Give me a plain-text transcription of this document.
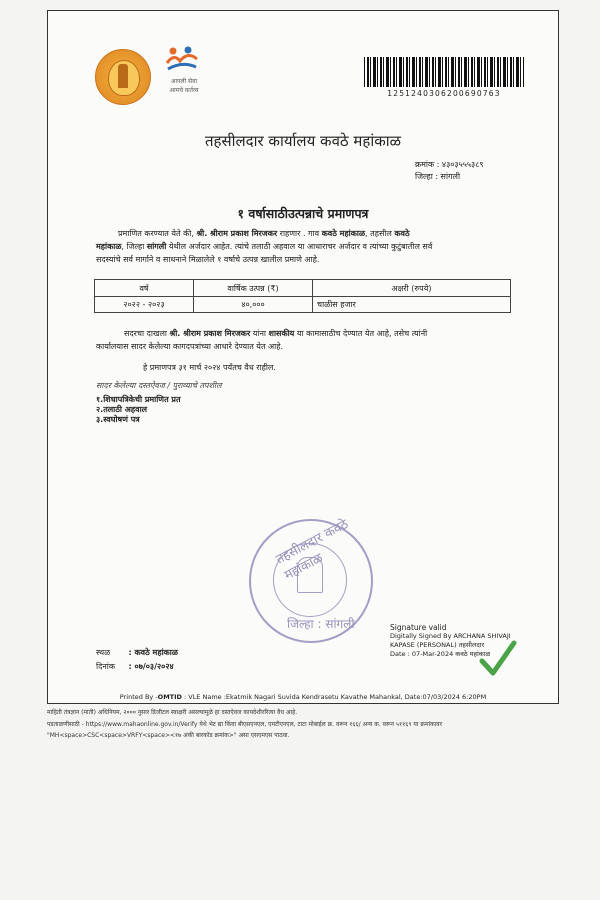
आपली सेवा
आमचे कर्तव्य	1251240306200690763
तहसीलदार कार्यालय कवठे महांकाळ
क्रमांक : ४३०३५५५३८९
जिल्हा : सांगली
१ वर्षासाठीउत्पन्नाचे प्रमाणपत्र
प्रमाणित करण्यात येते की, श्री. श्रीराम प्रकाश मिरजकर राहणार . गाव कवठे महांकाळ, तहसील कवठे
महांकाळ, जिल्हा सांगली येथील अर्जदार आहेत. त्यांचे तलाठी अहवाल या आधाराचर अर्जदार व त्यांच्या कुटुंबातील सर्व
सदस्यांचे सर्व मार्गाने व साधनाने मिळालेले १ वर्षाचे उत्पन्न खालील प्रमाणे आहे.
वर्ष	वार्षिक उत्पन्न (₹)	अक्षरी (रुपये)
२०२२ - २०२३	४०,०००	चाळीस हजार
सदरचा दाखला श्री. श्रीराम प्रकाश मिरजकर यांना शासकीय या कामासाठीच देण्यात येत आहे, तसेच त्यांनी
कार्यालयास सादर केलेल्या कागदपत्रांच्या आधारे देण्यात येत आहे.
हे प्रमाणपत्र ३१ मार्च २०२४ पर्यंतच वैध राहील.
सादर केलेल्या दस्तऐवज / पुराव्याचे तपशील
१.शिधापत्रिकेची प्रमाणित प्रत
२.तलाठी अहवाल
३.स्वघोषणं पत्र
तहसीलदार कवठे महांकाळ
जिल्हा : सांगली	Signature valid
Digitally Signed By ARCHANA SHIVAJI
KAPASE (PERSONAL) तहसीलदार
Date : 07-Mar-2024 कवठे महांकाळ
स्थळ : कवठे महांकाळ
दिनांक : ०७/०३/२०२४
Printed By -OMTID : VLE Name :Ekatmik Nagari Suvida Kendrasetu Kavathe Mahankal, Date:07/03/2024 6:20PM
माहिती तंत्रज्ञान (माती) अधिनियम, २००० नुसार डिजीटल स्वाक्षरी असल्यामुळे हा दस्तऐवज कायदेशीररित्या वैध आहे.
पडताळणीसाठी - https://www.mahaonline.gov.in/Verify येथे भेट द्या किंवा बीएसएनएल, एमटीएनएल, टाटा मोबाईल क्र. वरून १६६/ अन्य क. वरून ५११६९ या क्रमांकावर
"MH<space>CSC<space>VRFY<space><१७ अंकी बारकोड क्रमांक>" असा एसएमएस पाठवा.
